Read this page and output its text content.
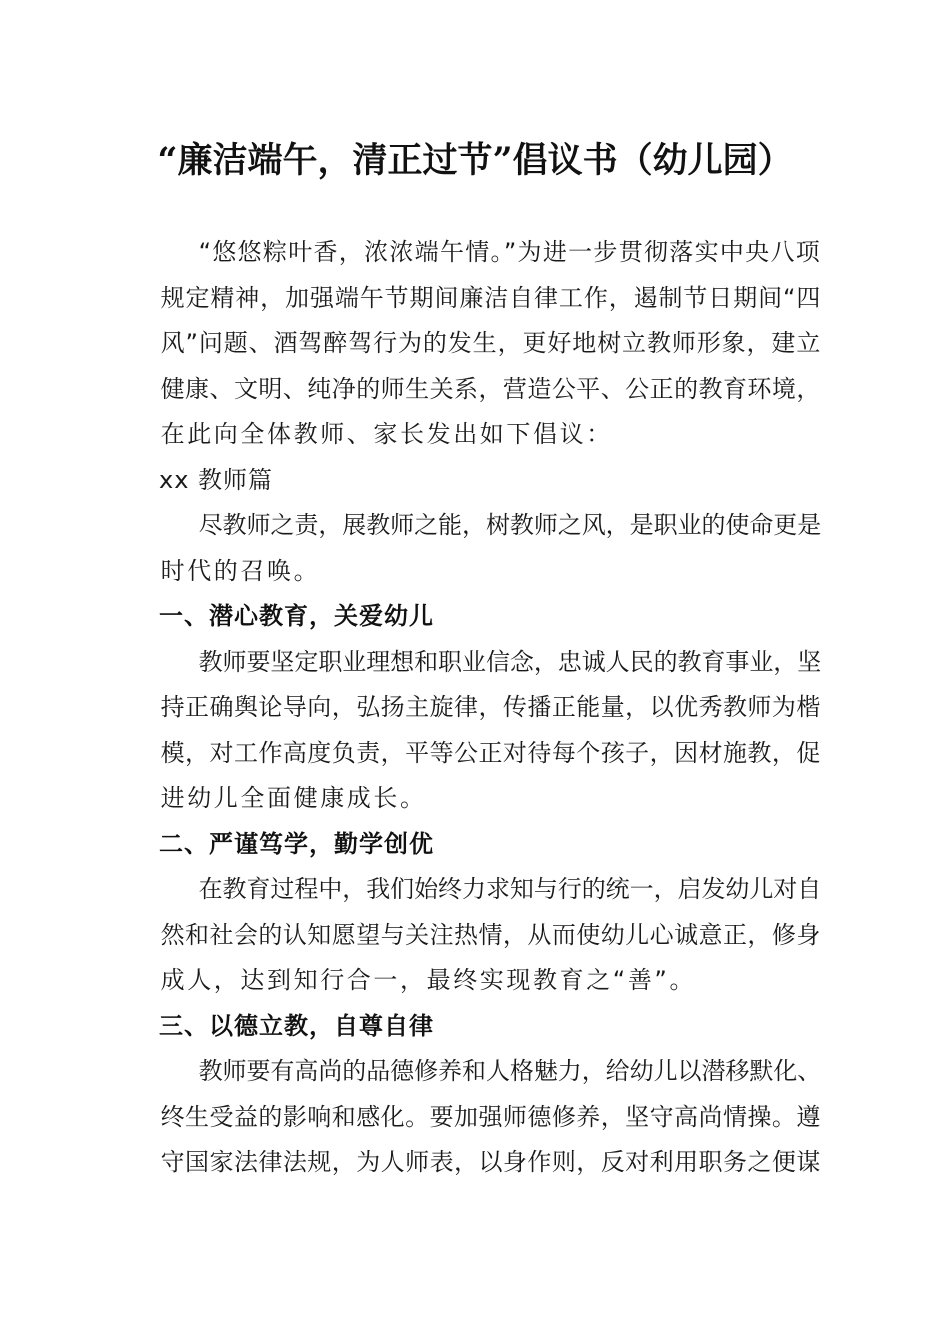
“廉洁端午，清正过节”倡议书（幼儿园）
“悠悠粽叶香，浓浓端午情。”为进一步贯彻落实中央八项
规定精神，加强端午节期间廉洁自律工作，遏制节日期间“四
风”问题、酒驾醉驾行为的发生，更好地树立教师形象，建立
健康、文明、纯净的师生关系，营造公平、公正的教育环境，
在此向全体教师、家长发出如下倡议：
xx 教师篇
尽教师之责，展教师之能，树教师之风，是职业的使命更是
时代的召唤。
一、潜心教育，关爱幼儿
教师要坚定职业理想和职业信念，忠诚人民的教育事业，坚
持正确舆论导向，弘扬主旋律，传播正能量，以优秀教师为楷
模，对工作高度负责，平等公正对待每个孩子，因材施教，促
进幼儿全面健康成长。
二、严谨笃学，勤学创优
在教育过程中，我们始终力求知与行的统一，启发幼儿对自
然和社会的认知愿望与关注热情，从而使幼儿心诚意正，修身
成人，达到知行合一，最终实现教育之“善”。
三、以德立教，自尊自律
教师要有高尚的品德修养和人格魅力，给幼儿以潜移默化、
终生受益的影响和感化。要加强师德修养，坚守高尚情操。遵
守国家法律法规，为人师表，以身作则，反对利用职务之便谋
